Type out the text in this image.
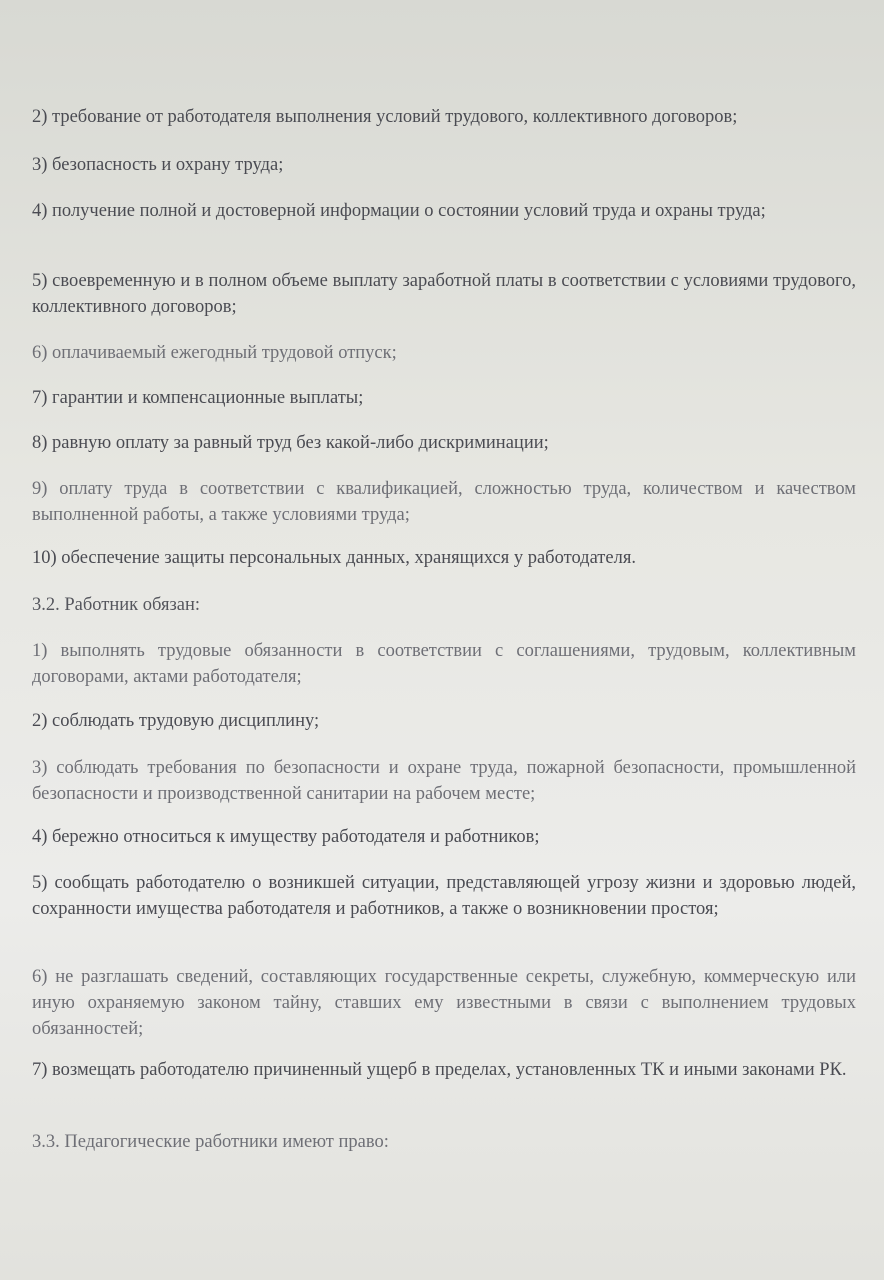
2) требование от работодателя выполнения условий трудового, коллективного договоров;

3) безопасность и охрану труда;

4) получение полной и достоверной информации о состоянии условий труда и охраны труда;

5) своевременную и в полном объеме выплату заработной платы в соответствии с условиями трудового, коллективного договоров;

6) оплачиваемый ежегодный трудовой отпуск;

7) гарантии и компенсационные выплаты;

8) равную оплату за равный труд без какой-либо дискриминации;

9) оплату труда в соответствии с квалификацией, сложностью труда, количеством и качеством выполненной работы, а также условиями труда;

10) обеспечение защиты персональных данных, хранящихся у работодателя.

3.2. Работник обязан:

1) выполнять трудовые обязанности в соответствии с соглашениями, трудовым, коллективным договорами, актами работодателя;

2) соблюдать трудовую дисциплину;

3) соблюдать требования по безопасности и охране труда, пожарной безопасности, промышленной безопасности и производственной санитарии на рабочем месте;

4) бережно относиться к имуществу работодателя и работников;

5) сообщать работодателю о возникшей ситуации, представляющей угрозу жизни и здоровью людей, сохранности имущества работодателя и работников, а также о возникновении простоя;

6) не разглашать сведений, составляющих государственные секреты, служебную, коммерческую или иную охраняемую законом тайну, ставших ему известными в связи с выполнением трудовых обязанностей;

7) возмещать работодателю причиненный ущерб в пределах, установленных ТК и иными законами РК.

3.3. Педагогические работники имеют право:
